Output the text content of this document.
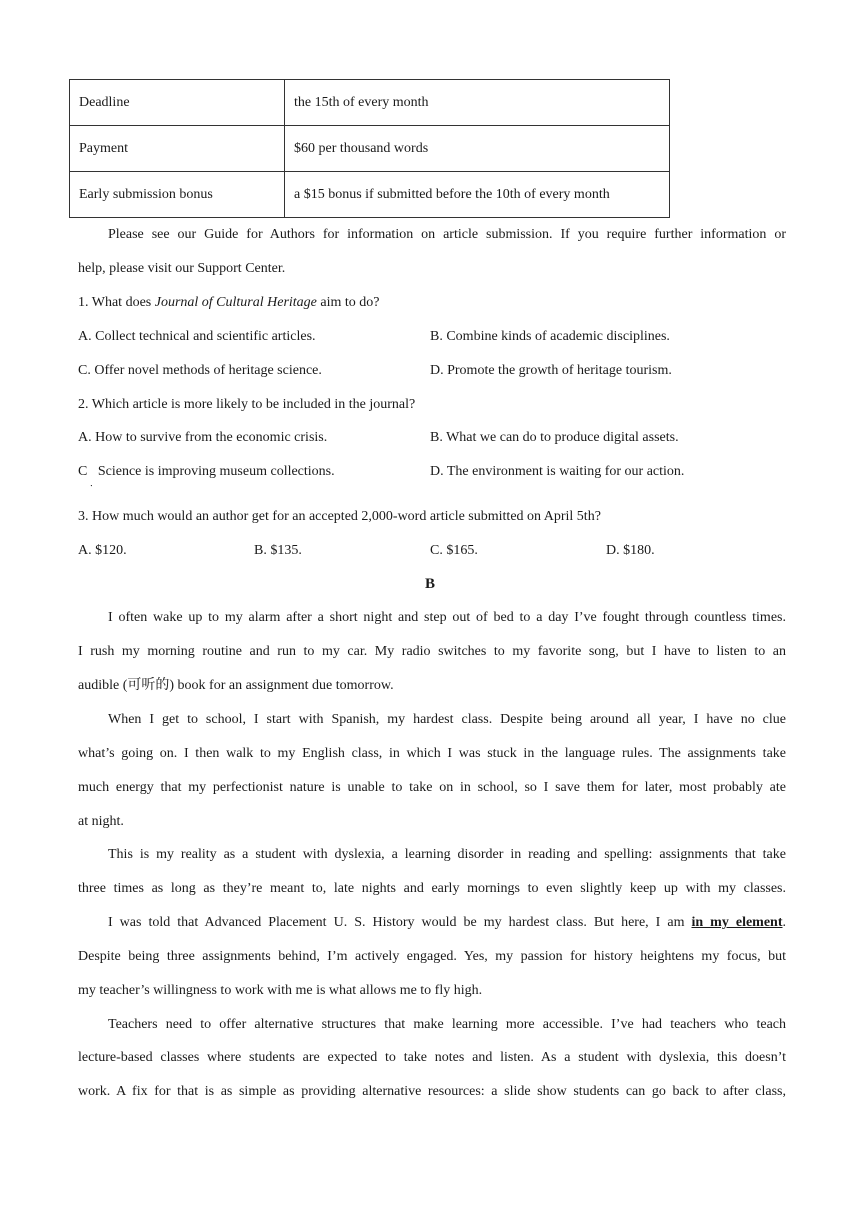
Deadline	the 15th of every month
Payment	$60 per thousand words
Early submission bonus	a $15 bonus if submitted before the 10th of every month
Please see our Guide for Authors for information on article submission. If you require further information or
help, please visit our Support Center.
1. What does Journal of Cultural Heritage aim to do?
A. Collect technical and scientific articles.	B. Combine kinds of academic disciplines.
C. Offer novel methods of heritage science.	D. Promote the growth of heritage tourism.
2. Which article is more likely to be included in the journal?
A. How to survive from the economic crisis.	B. What we can do to produce digital assets.
C   Science is improving museum collections.
．
D. The environment is waiting for our action.
3. How much would an author get for an accepted 2,000-word article submitted on April 5th?
A. $120.	B. $135.	C. $165.	D. $180.
B
I often wake up to my alarm after a short night and step out of bed to a day I’ve fought through countless times.
I rush my morning routine and run to my car. My radio switches to my favorite song, but I have to listen to an
audible (可听的) book for an assignment due tomorrow.
When I get to school, I start with Spanish, my hardest class. Despite being around all year, I have no clue
what’s going on. I then walk to my English class, in which I was stuck in the language rules. The assignments take
much energy that my perfectionist nature is unable to take on in school, so I save them for later, most probably ate
at night.
This is my reality as a student with dyslexia, a learning disorder in reading and spelling: assignments that take
three times as long as they’re meant to, late nights and early mornings to even slightly keep up with my classes.
I was told that Advanced Placement U. S. History would be my hardest class. But here, I am in my element.
Despite being three assignments behind, I’m actively engaged. Yes, my passion for history heightens my focus, but
my teacher’s willingness to work with me is what allows me to fly high.
Teachers need to offer alternative structures that make learning more accessible. I’ve had teachers who teach
lecture-based classes where students are expected to take notes and listen. As a student with dyslexia, this doesn’t
work. A fix for that is as simple as providing alternative resources: a slide show students can go back to after class,
